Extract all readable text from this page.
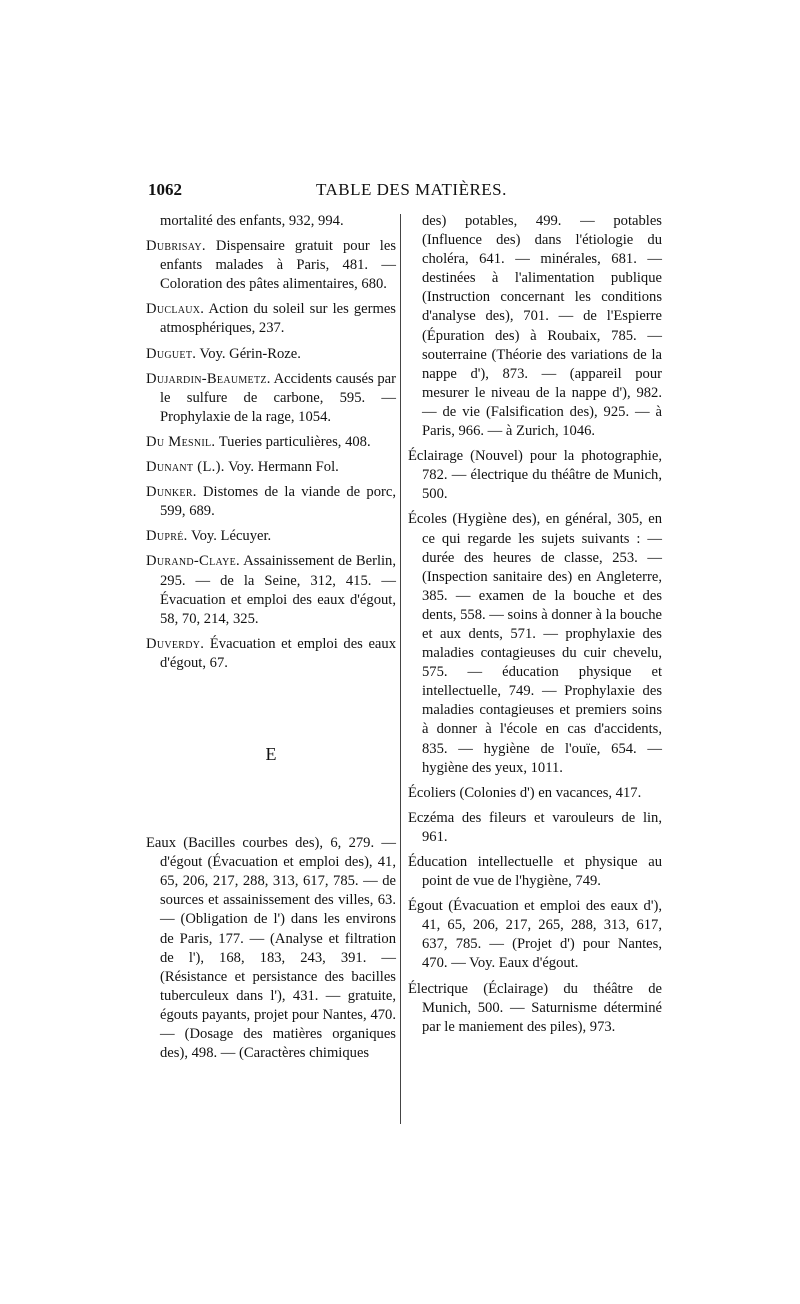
1062	TABLE DES MATIÈRES.

mortalité des enfants, 932, 994.

Dubrisay. Dispensaire gratuit pour les enfants malades à Paris, 481. — Coloration des pâtes alimentaires, 680.

Duclaux. Action du soleil sur les germes atmosphériques, 237.

Duguet. Voy. Gérin-Roze.

Dujardin-Beaumetz. Accidents causés par le sulfure de carbone, 595. — Prophylaxie de la rage, 1054.

Du Mesnil. Tueries particulières, 408.

Dunant (L.). Voy. Hermann Fol.

Dunker. Distomes de la viande de porc, 599, 689.

Dupré. Voy. Lécuyer.

Durand-Claye. Assainissement de Berlin, 295. — de la Seine, 312, 415. — Évacuation et emploi des eaux d'égout, 58, 70, 214, 325.

Duverdy. Évacuation et emploi des eaux d'égout, 67.

E

Eaux (Bacilles courbes des), 6, 279. — d'égout (Évacuation et emploi des), 41, 65, 206, 217, 288, 313, 617, 785. — de sources et assainissement des villes, 63. — (Obligation de l') dans les environs de Paris, 177. — (Analyse et filtration de l'), 168, 183, 243, 391. — (Résistance et persistance des bacilles tuberculeux dans l'), 431. — gratuite, égouts payants, projet pour Nantes, 470. — (Dosage des matières organiques des), 498. — (Caractères chimiques

des) potables, 499. — potables (Influence des) dans l'étiologie du choléra, 641. — minérales, 681. — destinées à l'alimentation publique (Instruction concernant les conditions d'analyse des), 701. — de l'Espierre (Épuration des) à Roubaix, 785. — souterraine (Théorie des variations de la nappe d'), 873. — (appareil pour mesurer le niveau de la nappe d'), 982. — de vie (Falsification des), 925. — à Paris, 966. — à Zurich, 1046.

Éclairage (Nouvel) pour la photographie, 782. — électrique du théâtre de Munich, 500.

Écoles (Hygiène des), en général, 305, en ce qui regarde les sujets suivants : — durée des heures de classe, 253. — (Inspection sanitaire des) en Angleterre, 385. — examen de la bouche et des dents, 558. — soins à donner à la bouche et aux dents, 571. — prophylaxie des maladies contagieuses du cuir chevelu, 575. — éducation physique et intellectuelle, 749. — Prophylaxie des maladies contagieuses et premiers soins à donner à l'école en cas d'accidents, 835. — hygiène de l'ouïe, 654. — hygiène des yeux, 1011.

Écoliers (Colonies d') en vacances, 417.

Eczéma des fileurs et varouleurs de lin, 961.

Éducation intellectuelle et physique au point de vue de l'hygiène, 749.

Égout (Évacuation et emploi des eaux d'), 41, 65, 206, 217, 265, 288, 313, 617, 637, 785. — (Projet d') pour Nantes, 470. — Voy. Eaux d'égout.

Électrique (Éclairage) du théâtre de Munich, 500. — Saturnisme déterminé par le maniement des piles), 973.
